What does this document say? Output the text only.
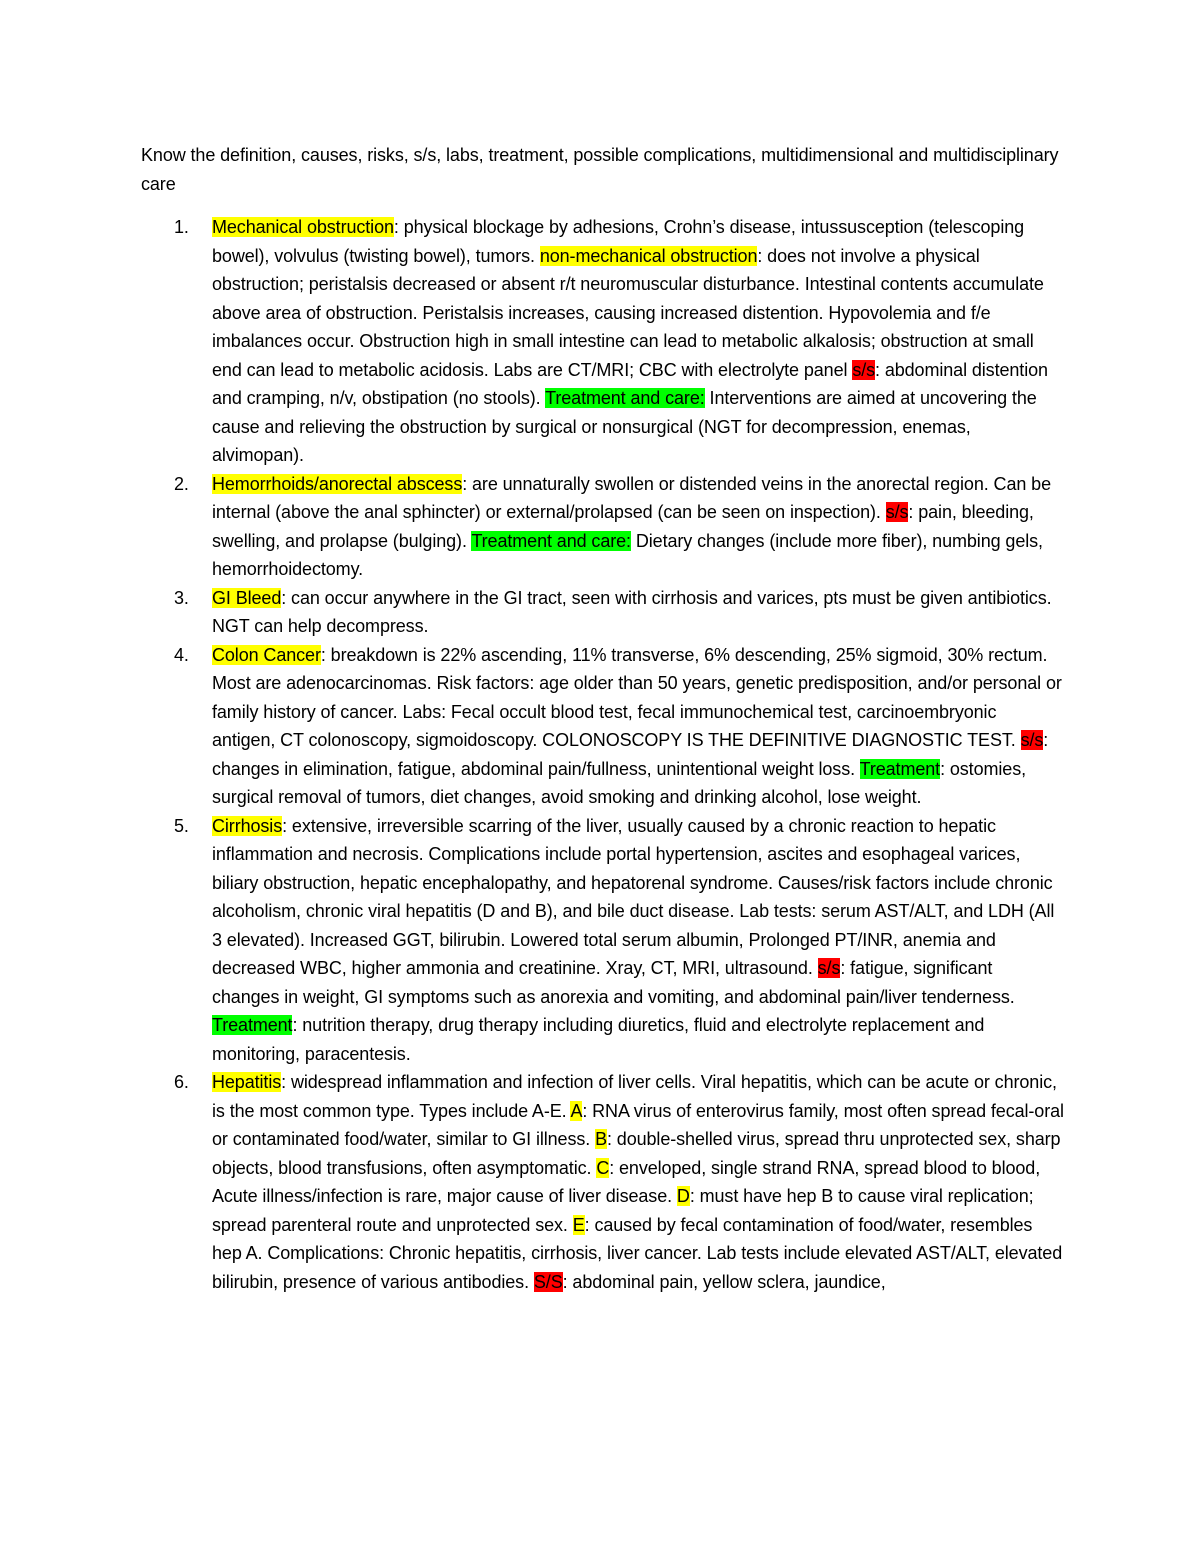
Know the definition, causes, risks, s/s, labs, treatment, possible complications, multidimensional and multidisciplinary care

1. Mechanical obstruction: physical blockage by adhesions, Crohn’s disease, intussusception (telescoping bowel), volvulus (twisting bowel), tumors. non-mechanical obstruction: does not involve a physical obstruction; peristalsis decreased or absent r/t neuromuscular disturbance. Intestinal contents accumulate above area of obstruction. Peristalsis increases, causing increased distention. Hypovolemia and f/e imbalances occur. Obstruction high in small intestine can lead to metabolic alkalosis; obstruction at small end can lead to metabolic acidosis. Labs are CT/MRI; CBC with electrolyte panel s/s: abdominal distention and cramping, n/v, obstipation (no stools). Treatment and care: Interventions are aimed at uncovering the cause and relieving the obstruction by surgical or nonsurgical (NGT for decompression, enemas, alvimopan).
2. Hemorrhoids/anorectal abscess: are unnaturally swollen or distended veins in the anorectal region. Can be internal (above the anal sphincter) or external/prolapsed (can be seen on inspection). s/s: pain, bleeding, swelling, and prolapse (bulging). Treatment and care: Dietary changes (include more fiber), numbing gels, hemorrhoidectomy.
3. GI Bleed: can occur anywhere in the GI tract, seen with cirrhosis and varices, pts must be given antibiotics. NGT can help decompress.
4. Colon Cancer: breakdown is 22% ascending, 11% transverse, 6% descending, 25% sigmoid, 30% rectum. Most are adenocarcinomas. Risk factors: age older than 50 years, genetic predisposition, and/or personal or family history of cancer. Labs: Fecal occult blood test, fecal immunochemical test, carcinoembryonic antigen, CT colonoscopy, sigmoidoscopy. COLONOSCOPY IS THE DEFINITIVE DIAGNOSTIC TEST. s/s: changes in elimination, fatigue, abdominal pain/fullness, unintentional weight loss. Treatment: ostomies, surgical removal of tumors, diet changes, avoid smoking and drinking alcohol, lose weight.
5. Cirrhosis: extensive, irreversible scarring of the liver, usually caused by a chronic reaction to hepatic inflammation and necrosis. Complications include portal hypertension, ascites and esophageal varices, biliary obstruction, hepatic encephalopathy, and hepatorenal syndrome. Causes/risk factors include chronic alcoholism, chronic viral hepatitis (D and B), and bile duct disease. Lab tests: serum AST/ALT, and LDH (All 3 elevated). Increased GGT, bilirubin. Lowered total serum albumin, Prolonged PT/INR, anemia and decreased WBC, higher ammonia and creatinine. Xray, CT, MRI, ultrasound. s/s: fatigue, significant changes in weight, GI symptoms such as anorexia and vomiting, and abdominal pain/liver tenderness. Treatment: nutrition therapy, drug therapy including diuretics, fluid and electrolyte replacement and monitoring, paracentesis.
6. Hepatitis: widespread inflammation and infection of liver cells. Viral hepatitis, which can be acute or chronic, is the most common type. Types include A-E. A: RNA virus of enterovirus family, most often spread fecal-oral or contaminated food/water, similar to GI illness. B: double-shelled virus, spread thru unprotected sex, sharp objects, blood transfusions, often asymptomatic. C: enveloped, single strand RNA, spread blood to blood, Acute illness/infection is rare, major cause of liver disease. D: must have hep B to cause viral replication; spread parenteral route and unprotected sex. E: caused by fecal contamination of food/water, resembles hep A. Complications: Chronic hepatitis, cirrhosis, liver cancer. Lab tests include elevated AST/ALT, elevated bilirubin, presence of various antibodies. S/S: abdominal pain, yellow sclera, jaundice,
